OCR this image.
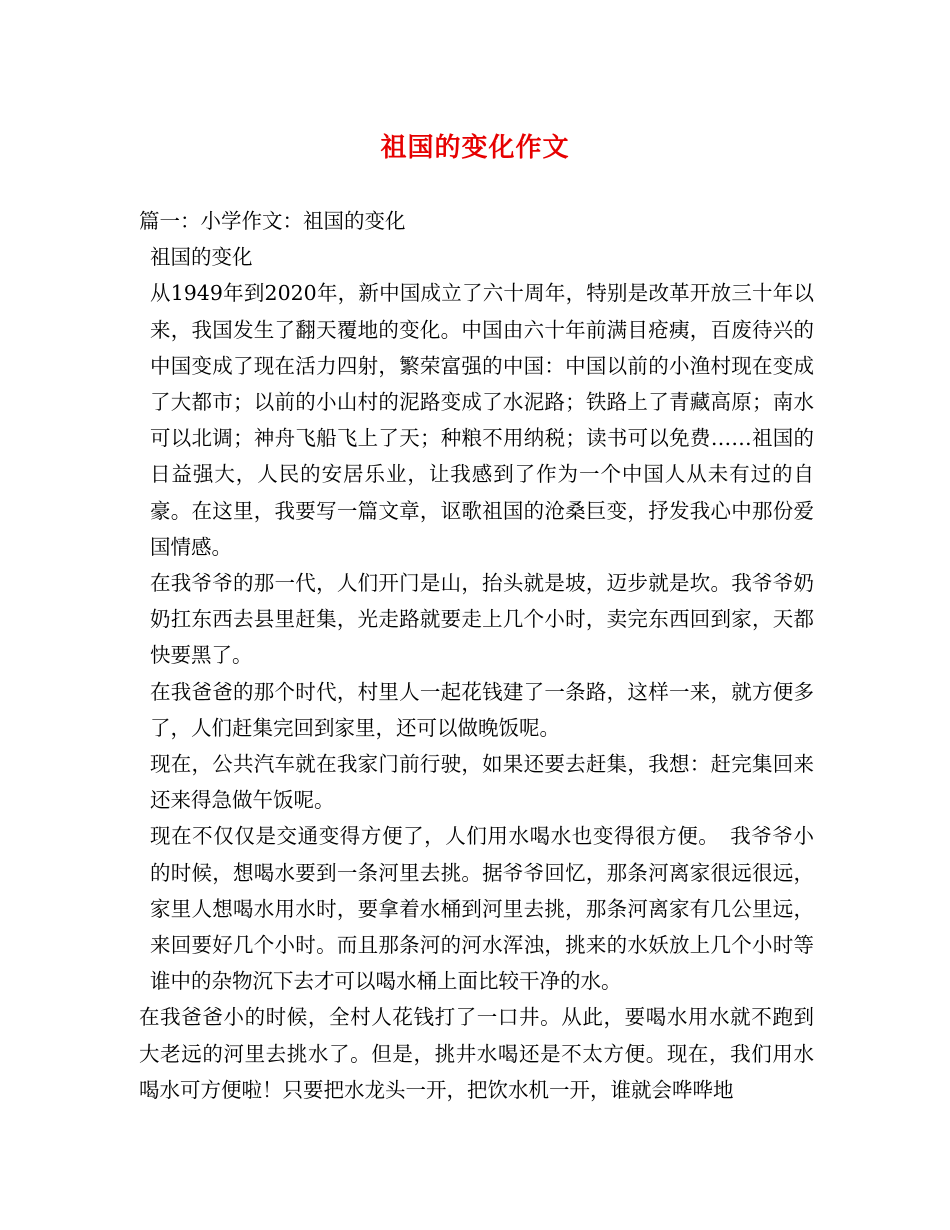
祖国的变化作文

篇一：小学作文：祖国的变化

祖国的变化

从1949年到2020年，新中国成立了六十周年，特别是改革开放三十年以来，我国发生了翻天覆地的变化。中国由六十年前满目疮痍，百废待兴的中国变成了现在活力四射，繁荣富强的中国：中国以前的小渔村现在变成了大都市；以前的小山村的泥路变成了水泥路；铁路上了青藏高原；南水可以北调；神舟飞船飞上了天；种粮不用纳税；读书可以免费……祖国的日益强大，人民的安居乐业，让我感到了作为一个中国人从未有过的自豪。在这里，我要写一篇文章，讴歌祖国的沧桑巨变，抒发我心中那份爱国情感。

在我爷爷的那一代，人们开门是山，抬头就是坡，迈步就是坎。我爷爷奶奶扛东西去县里赶集，光走路就要走上几个小时，卖完东西回到家，天都快要黑了。

在我爸爸的那个时代，村里人一起花钱建了一条路，这样一来，就方便多了，人们赶集完回到家里，还可以做晚饭呢。

现在，公共汽车就在我家门前行驶，如果还要去赶集，我想：赶完集回来还来得急做午饭呢。

现在不仅仅是交通变得方便了，人们用水喝水也变得很方便。　我爷爷小的时候，想喝水要到一条河里去挑。据爷爷回忆，那条河离家很远很远，家里人想喝水用水时，要拿着水桶到河里去挑，那条河离家有几公里远，来回要好几个小时。而且那条河的河水浑浊，挑来的水妖放上几个小时等谁中的杂物沉下去才可以喝水桶上面比较干净的水。

在我爸爸小的时候，全村人花钱打了一口井。从此，要喝水用水就不跑到大老远的河里去挑水了。但是，挑井水喝还是不太方便。现在，我们用水喝水可方便啦！只要把水龙头一开，把饮水机一开，谁就会哗哗地
